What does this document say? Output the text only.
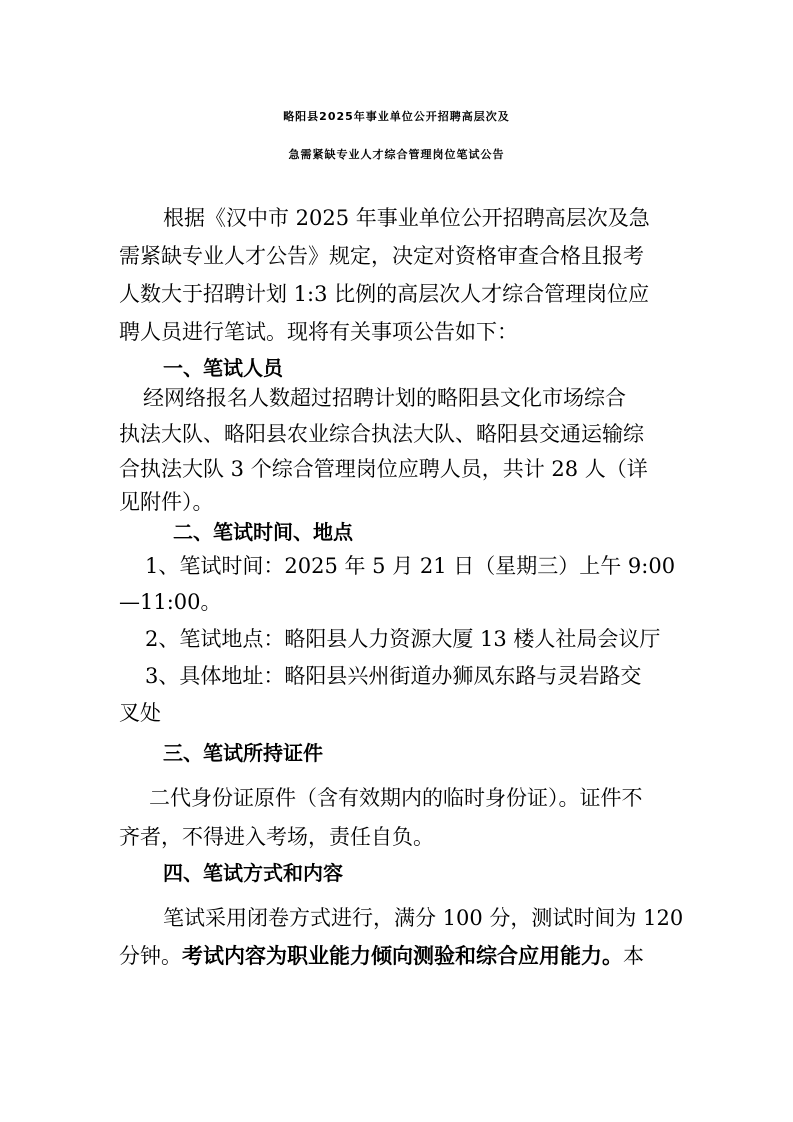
略阳县2025年事业单位公开招聘高层次及
急需紧缺专业人才综合管理岗位笔试公告
根据《汉中市 2025 年事业单位公开招聘高层次及急
需紧缺专业人才公告》规定，决定对资格审查合格且报考
人数大于招聘计划 1:3 比例的高层次人才综合管理岗位应
聘人员进行笔试。现将有关事项公告如下：
一、笔试人员
经网络报名人数超过招聘计划的略阳县文化市场综合
执法大队、略阳县农业综合执法大队、略阳县交通运输综
合执法大队 3 个综合管理岗位应聘人员，共计 28 人（详
见附件）。
二、笔试时间、地点
1、笔试时间：2025 年 5 月 21 日（星期三）上午 9:00
—11:00。
2、笔试地点：略阳县人力资源大厦 13 楼人社局会议厅
3、具体地址：略阳县兴州街道办狮凤东路与灵岩路交
叉处
三、笔试所持证件
二代身份证原件（含有效期内的临时身份证）。证件不
齐者，不得进入考场，责任自负。
四、笔试方式和内容
笔试采用闭卷方式进行，满分 100 分，测试时间为 120
分钟。考试内容为职业能力倾向测验和综合应用能力。本
